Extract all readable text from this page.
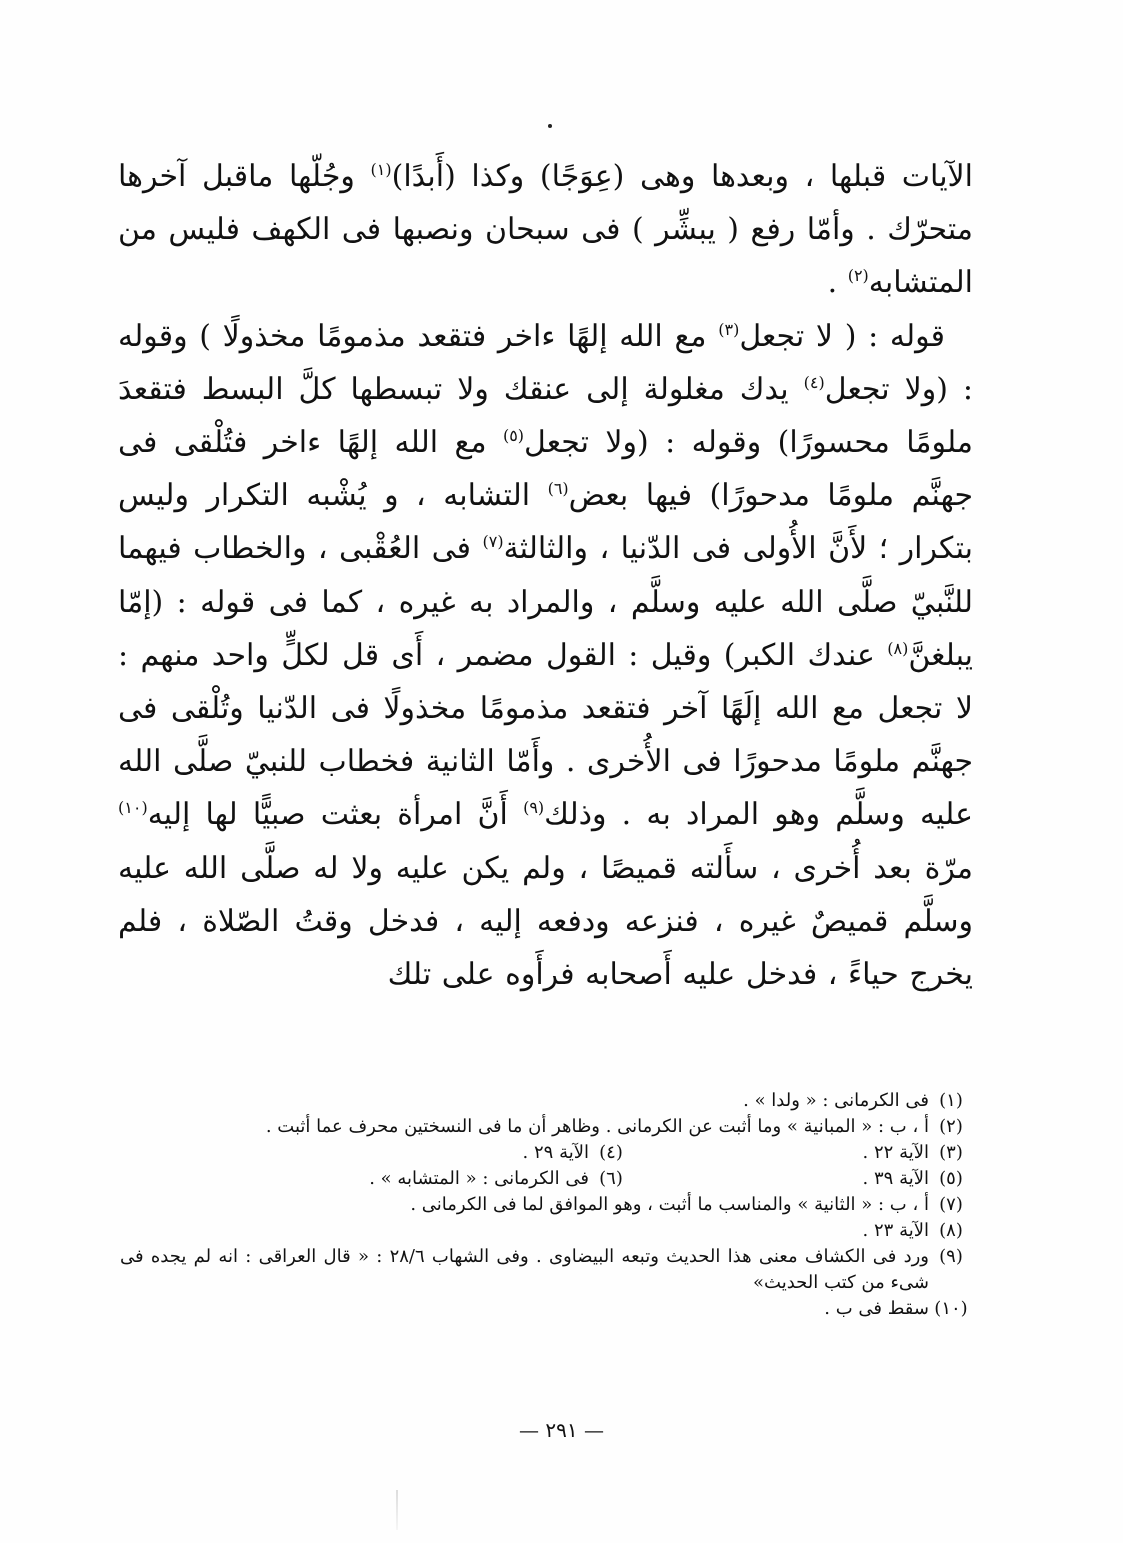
الآيات قبلها ، وبعدها وهى (عِوَجًا) وكذا (أَبدًا)$^{(١)}$ وجُلّها ماقبل آخرها متحرّك . وأمّا رفع ( يبشِّر ) فى سبحان ونصبها فى الكهف فليس من المتشابه$^{(٢)}$ .

قوله : ( لا تجعل$^{(٣)}$ مع الله إلهًا ءاخر فتقعد مذمومًا مخذولًا ) وقوله : (ولا تجعل$^{(٤)}$ يدك مغلولة إلى عنقك ولا تبسطها كلَّ البسط فتقعدَ ملومًا محسورًا) وقوله : (ولا تجعل$^{(٥)}$ مع الله إلهًا ءاخر فتُلْقى فى جهنَّم ملومًا مدحورًا) فيها بعض$^{(٦)}$ التشابه ، و يُشْبه التكرار وليس بتكرار ؛ لأَنَّ الأُولى فى الدّنيا ، والثالثة$^{(٧)}$ فى العُقْبى ، والخطاب فيهما للنَّبيّ صلَّى الله عليه وسلَّم ، والمراد به غيره ، كما فى قوله : (إمّا يبلغنَّ$^{(٨)}$ عندك الكبر) وقيل : القول مضمر ، أَى قل لكلٍّ واحد منهم : لا تجعل مع الله إلَهًا آخر فتقعد مذمومًا مخذولًا فى الدّنيا وتُلْقى فى جهنَّم ملومًا مدحورًا فى الأُخرى . وأَمّا الثانية فخطاب للنبيّ صلَّى الله عليه وسلَّم وهو المراد به . وذلك$^{(٩)}$ أَنَّ امرأة بعثت صبيًّا لها إليه$^{(١٠)}$ مرّة بعد أُخرى ، سأَلته قميصًا ، ولم يكن عليه ولا له صلَّى الله عليه وسلَّم قميصٌ غيره ، فنزعه ودفعه إليه ، فدخل وقتُ الصّلاة ، فلم يخرج حياءً ، فدخل عليه أَصحابه فرأَوه على تلك

(١)
فى الكرمانى : « ولدا » .
(٢)
أ ، ب : « المبانية » وما أثبت عن الكرمانى . وظاهر أن ما فى النسختين محرف عما أثبت .
(٣)
الآية ٢٢ .
(٤)
الآية ٢٩ .
(٥)
الآية ٣٩ .
(٦)
فى الكرمانى : « المتشابه » .
(٧)
أ ، ب : « الثانية » والمناسب ما أثبت ، وهو الموافق لما فى الكرمانى .
(٨)
الآية ٢٣ .
(٩)
ورد فى الكشاف معنى هذا الحديث وتبعه البيضاوى . وفى الشهاب ٢٨/٦ : « قال العراقى : انه لم يجده فى شىء من كتب الحديث»
(١٠)
سقط فى ب .
— ٢٩١ —
